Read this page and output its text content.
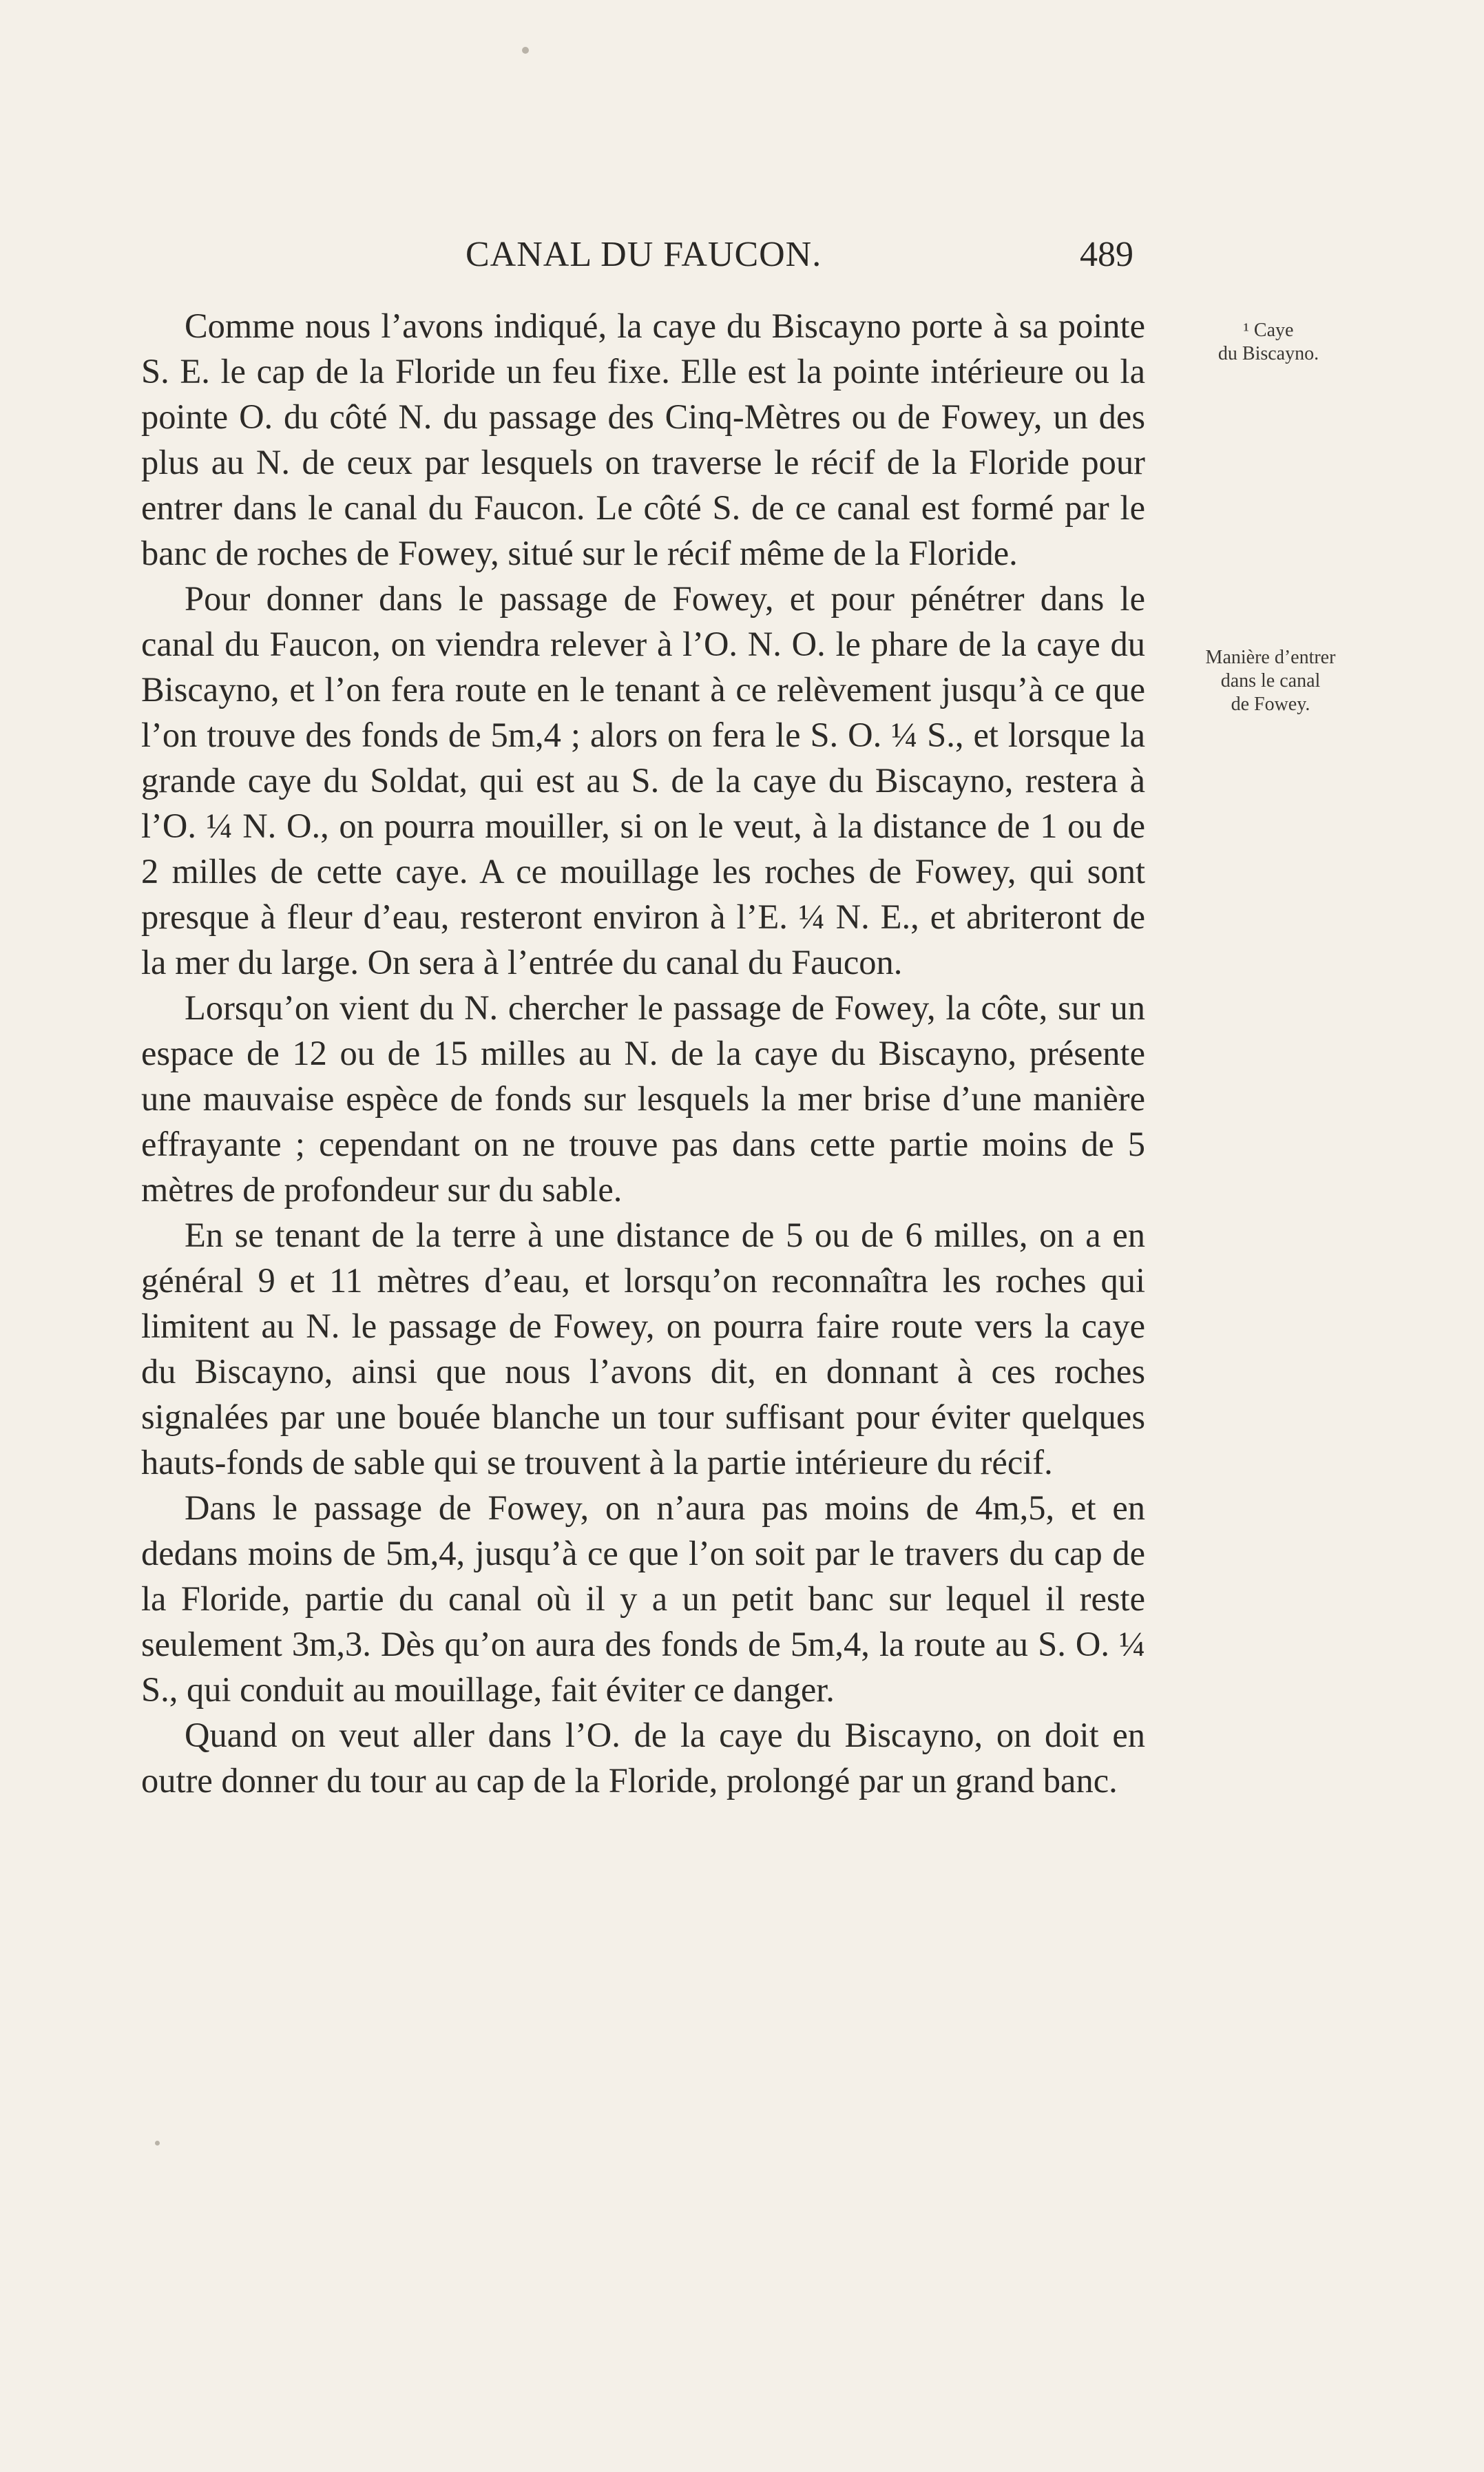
CANAL DU FAUCON.	489
¹ Caye
du Biscayno.
Manière d’entrer
dans le canal
de Fowey.

Comme nous l’avons indiqué, la caye du Biscayno porte à sa pointe S. E. le cap de la Floride un feu fixe. Elle est la pointe intérieure ou la pointe O. du côté N. du passage des Cinq-Mètres ou de Fowey, un des plus au N. de ceux par lesquels on traverse le récif de la Floride pour entrer dans le canal du Faucon. Le côté S. de ce canal est formé par le banc de roches de Fowey, situé sur le récif même de la Floride.

Pour donner dans le passage de Fowey, et pour pénétrer dans le canal du Faucon, on viendra relever à l’O. N. O. le phare de la caye du Biscayno, et l’on fera route en le tenant à ce relèvement jusqu’à ce que l’on trouve des fonds de 5m,4 ; alors on fera le S. O. ¼ S., et lorsque la grande caye du Soldat, qui est au S. de la caye du Biscayno, restera à l’O. ¼ N. O., on pourra mouiller, si on le veut, à la distance de 1 ou de 2 milles de cette caye. A ce mouillage les roches de Fowey, qui sont presque à fleur d’eau, resteront environ à l’E. ¼ N. E., et abriteront de la mer du large. On sera à l’entrée du canal du Faucon.

Lorsqu’on vient du N. chercher le passage de Fowey, la côte, sur un espace de 12 ou de 15 milles au N. de la caye du Biscayno, présente une mauvaise espèce de fonds sur lesquels la mer brise d’une manière effrayante ; cependant on ne trouve pas dans cette partie moins de 5 mètres de profondeur sur du sable.

En se tenant de la terre à une distance de 5 ou de 6 milles, on a en général 9 et 11 mètres d’eau, et lorsqu’on reconnaîtra les roches qui limitent au N. le passage de Fowey, on pourra faire route vers la caye du Biscayno, ainsi que nous l’avons dit, en donnant à ces roches signalées par une bouée blanche un tour suffisant pour éviter quelques hauts-fonds de sable qui se trouvent à la partie intérieure du récif.

Dans le passage de Fowey, on n’aura pas moins de 4m,5, et en dedans moins de 5m,4, jusqu’à ce que l’on soit par le travers du cap de la Floride, partie du canal où il y a un petit banc sur lequel il reste seulement 3m,3. Dès qu’on aura des fonds de 5m,4, la route au S. O. ¼ S., qui conduit au mouillage, fait éviter ce danger.

Quand on veut aller dans l’O. de la caye du Biscayno, on doit en outre donner du tour au cap de la Floride, prolongé par un grand banc.
